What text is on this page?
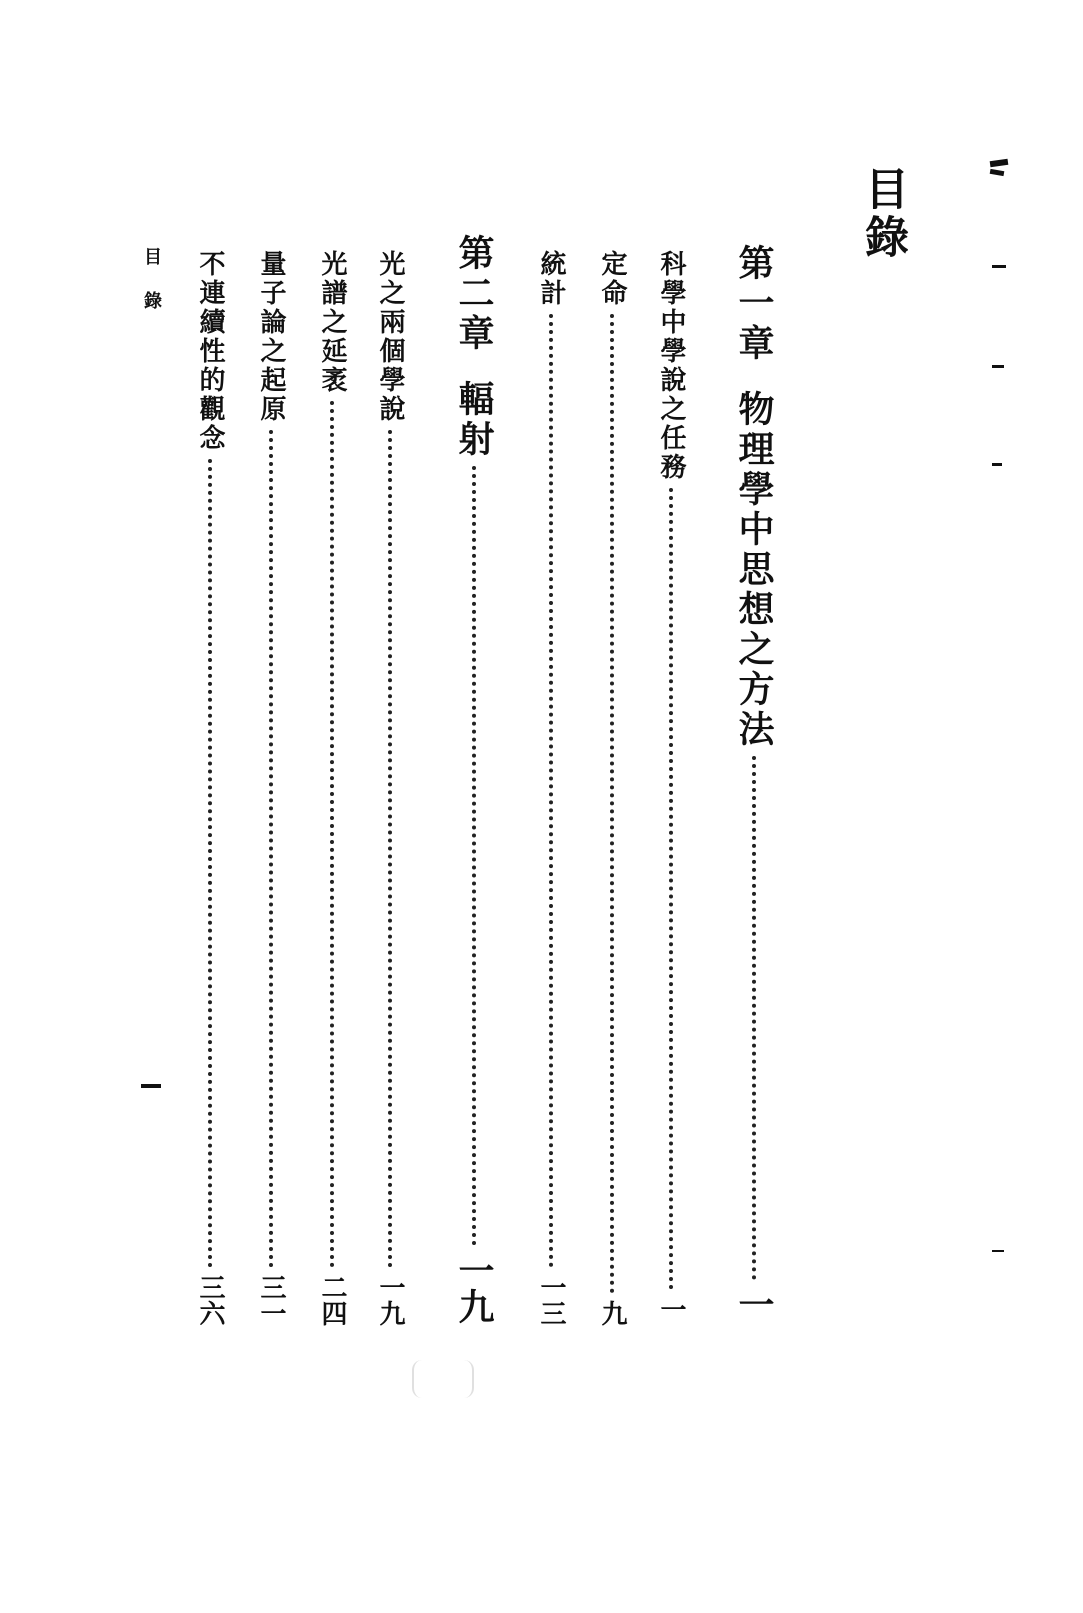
目錄
第一章物理學中思想之方法
一
科學中學說之任務
一
定命
九
統計
一三
第二章輻射
一九
光之兩個學說
一九
光譜之延袤
二四
量子論之起原
三一
不連續性的觀念
三六
目錄
